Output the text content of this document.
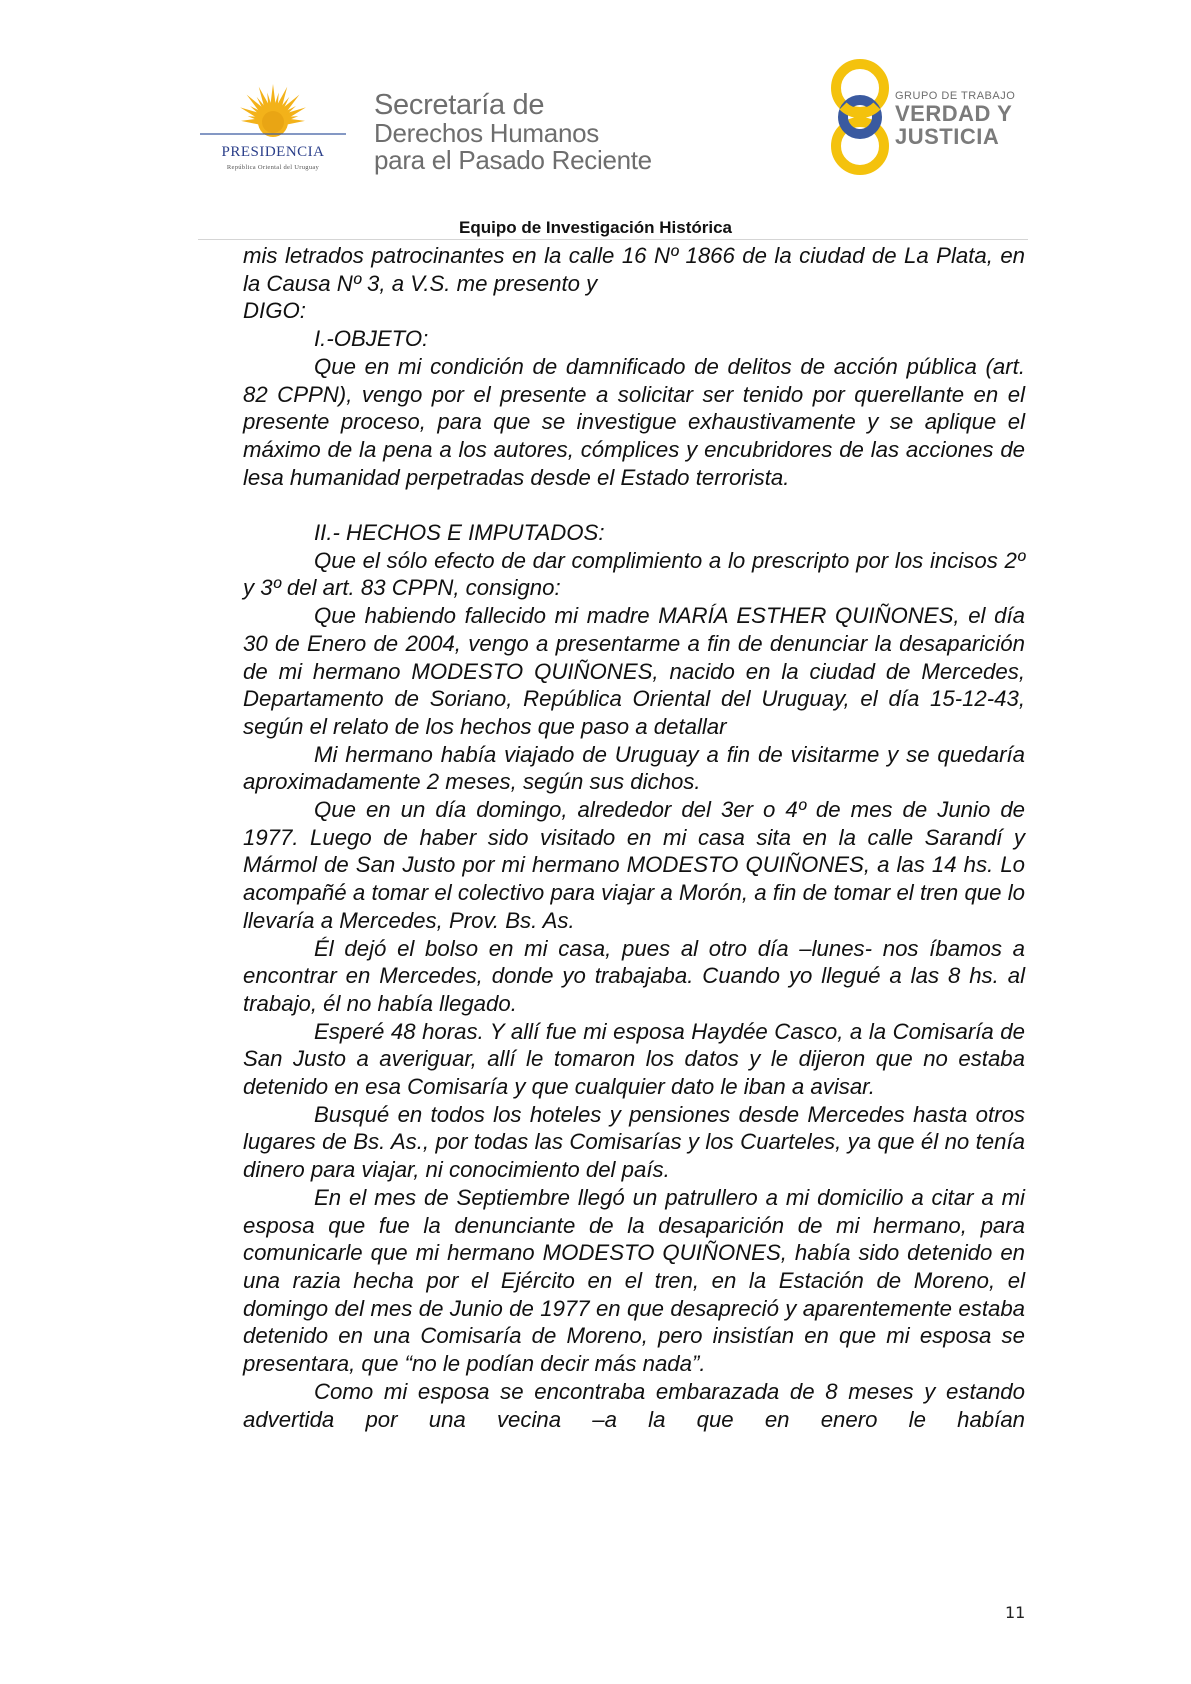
PRESIDENCIA
República Oriental del Uruguay
Secretaría de
Derechos Humanos
para el Pasado Reciente
GRUPO DE TRABAJO
VERDAD Y
JUSTICIA
Equipo de Investigación Histórica

mis letrados patrocinantes en la calle 16 Nº 1866 de la ciudad de La Plata, en la Causa Nº 3, a V.S. me presento y

DIGO:

I.-OBJETO:

Que en mi condición de damnificado de delitos de acción pública (art. 82 CPPN), vengo por el presente a solicitar ser tenido por querellante en el presente proceso, para que se investigue exhaustivamente y se aplique el máximo de la pena a los autores, cómplices y encubridores de las acciones de lesa humanidad perpetradas desde el Estado terrorista.

II.- HECHOS E IMPUTADOS:

Que el sólo efecto de dar complimiento a lo prescripto por los incisos 2º y 3º del art. 83 CPPN, consigno:

Que habiendo fallecido mi madre MARÍA ESTHER QUIÑONES, el día 30 de Enero de 2004, vengo a presentarme a fin de denunciar la desaparición de mi hermano MODESTO QUIÑONES, nacido en la ciudad de Mercedes, Departamento de Soriano, República Oriental del Uruguay, el día 15-12-43, según el relato de los hechos que paso a detallar

Mi hermano había viajado de Uruguay a fin de visitarme y se quedaría aproximadamente 2 meses, según sus dichos.

Que en un día domingo, alrededor del 3er o 4º de mes de Junio de 1977. Luego de haber sido visitado en mi casa sita en la calle Sarandí y Mármol de San Justo por mi hermano MODESTO QUIÑONES, a las 14 hs. Lo acompañé a tomar el colectivo para viajar a Morón, a fin de tomar el tren que lo llevaría a Mercedes, Prov. Bs. As.

Él dejó el bolso en mi casa, pues al otro día –lunes- nos íbamos a encontrar en Mercedes, donde yo trabajaba. Cuando yo llegué a las 8 hs. al trabajo, él no había llegado.

Esperé 48 horas. Y allí fue mi esposa Haydée Casco, a la Comisaría de San Justo a averiguar, allí le tomaron los datos y le dijeron que no estaba detenido en esa Comisaría y que cualquier dato le iban a avisar.

Busqué en todos los hoteles y pensiones desde Mercedes hasta otros lugares de Bs. As., por todas las Comisarías y los Cuarteles, ya que él no tenía dinero para viajar, ni conocimiento del país.

En el mes de Septiembre llegó un patrullero a mi domicilio a citar a mi esposa que fue la denunciante de la desaparición de mi hermano, para comunicarle que mi hermano MODESTO QUIÑONES, había sido detenido en una razia hecha por el Ejército en el tren, en la Estación de Moreno, el domingo del mes de Junio de 1977 en que desapreció y aparentemente estaba detenido en una Comisaría de Moreno, pero insistían en que mi esposa se presentara, que “no le podían decir más nada”.

Como mi esposa se encontraba embarazada de 8 meses y estando advertida por una vecina –a la que en enero le habían

11
